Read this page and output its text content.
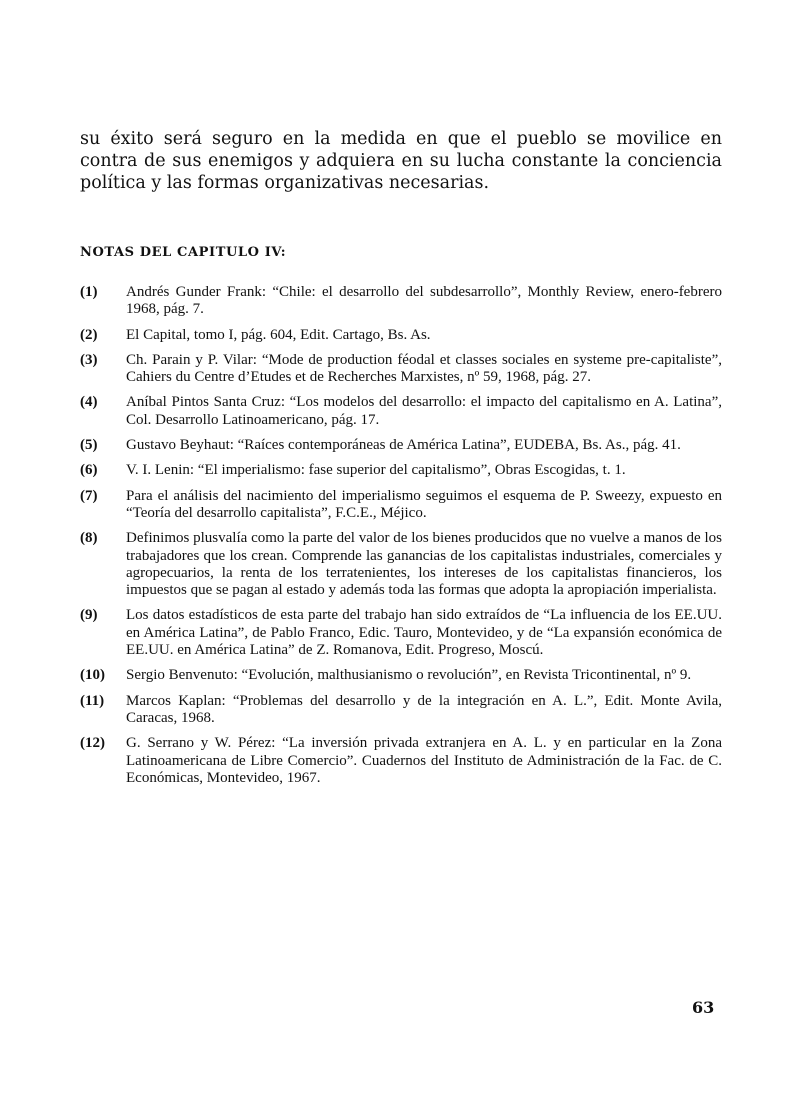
su éxito será seguro en la medida en que el pueblo se movilice en contra de sus enemigos y adquiera en su lucha constante la conciencia política y las formas organizativas necesarias.

NOTAS DEL CAPITULO IV:
(1)	Andrés Gunder Frank: “Chile: el desarrollo del subdesarrollo”, Monthly Review, enero-febrero 1968, pág. 7.
(2)	El Capital, tomo I, pág. 604, Edit. Cartago, Bs. As.
(3)	Ch. Parain y P. Vilar: “Mode de production féodal et classes sociales en systeme pre-capitaliste”, Cahiers du Centre d’Etudes et de Recherches Marxistes, nº 59, 1968, pág. 27.
(4)	Aníbal Pintos Santa Cruz: “Los modelos del desarrollo: el impacto del capitalismo en A. Latina”, Col. Desarrollo Latinoamericano, pág. 17.
(5)	Gustavo Beyhaut: “Raíces contemporáneas de América Latina”, EUDEBA, Bs. As., pág. 41.
(6)	V. I. Lenin: “El imperialismo: fase superior del capitalismo”, Obras Escogidas, t. 1.
(7)	Para el análisis del nacimiento del imperialismo seguimos el esquema de P. Sweezy, expuesto en “Teoría del desarrollo capitalista”, F.C.E., Méjico.
(8)	Definimos plusvalía como la parte del valor de los bienes producidos que no vuelve a manos de los trabajadores que los crean. Comprende las ganancias de los capitalistas industriales, comerciales y agropecuarios, la renta de los terratenientes, los intereses de los capitalistas financieros, los impuestos que se pagan al estado y además toda las formas que adopta la apropiación imperialista.
(9)	Los datos estadísticos de esta parte del trabajo han sido extraídos de “La influencia de los EE.UU. en América Latina”, de Pablo Franco, Edic. Tauro, Montevideo, y de “La expansión económica de EE.UU. en América Latina” de Z. Romanova, Edit. Progreso, Moscú.
(10)	Sergio Benvenuto: “Evolución, malthusianismo o revolución”, en Revista Tricontinental, nº 9.
(11)	Marcos Kaplan: “Problemas del desarrollo y de la integración en A. L.”, Edit. Monte Avila, Caracas, 1968.
(12)	G. Serrano y W. Pérez: “La inversión privada extranjera en A. L. y en particular en la Zona Latinoamericana de Libre Comercio”. Cuadernos del Instituto de Administración de la Fac. de C. Económicas, Montevideo, 1967.

63
